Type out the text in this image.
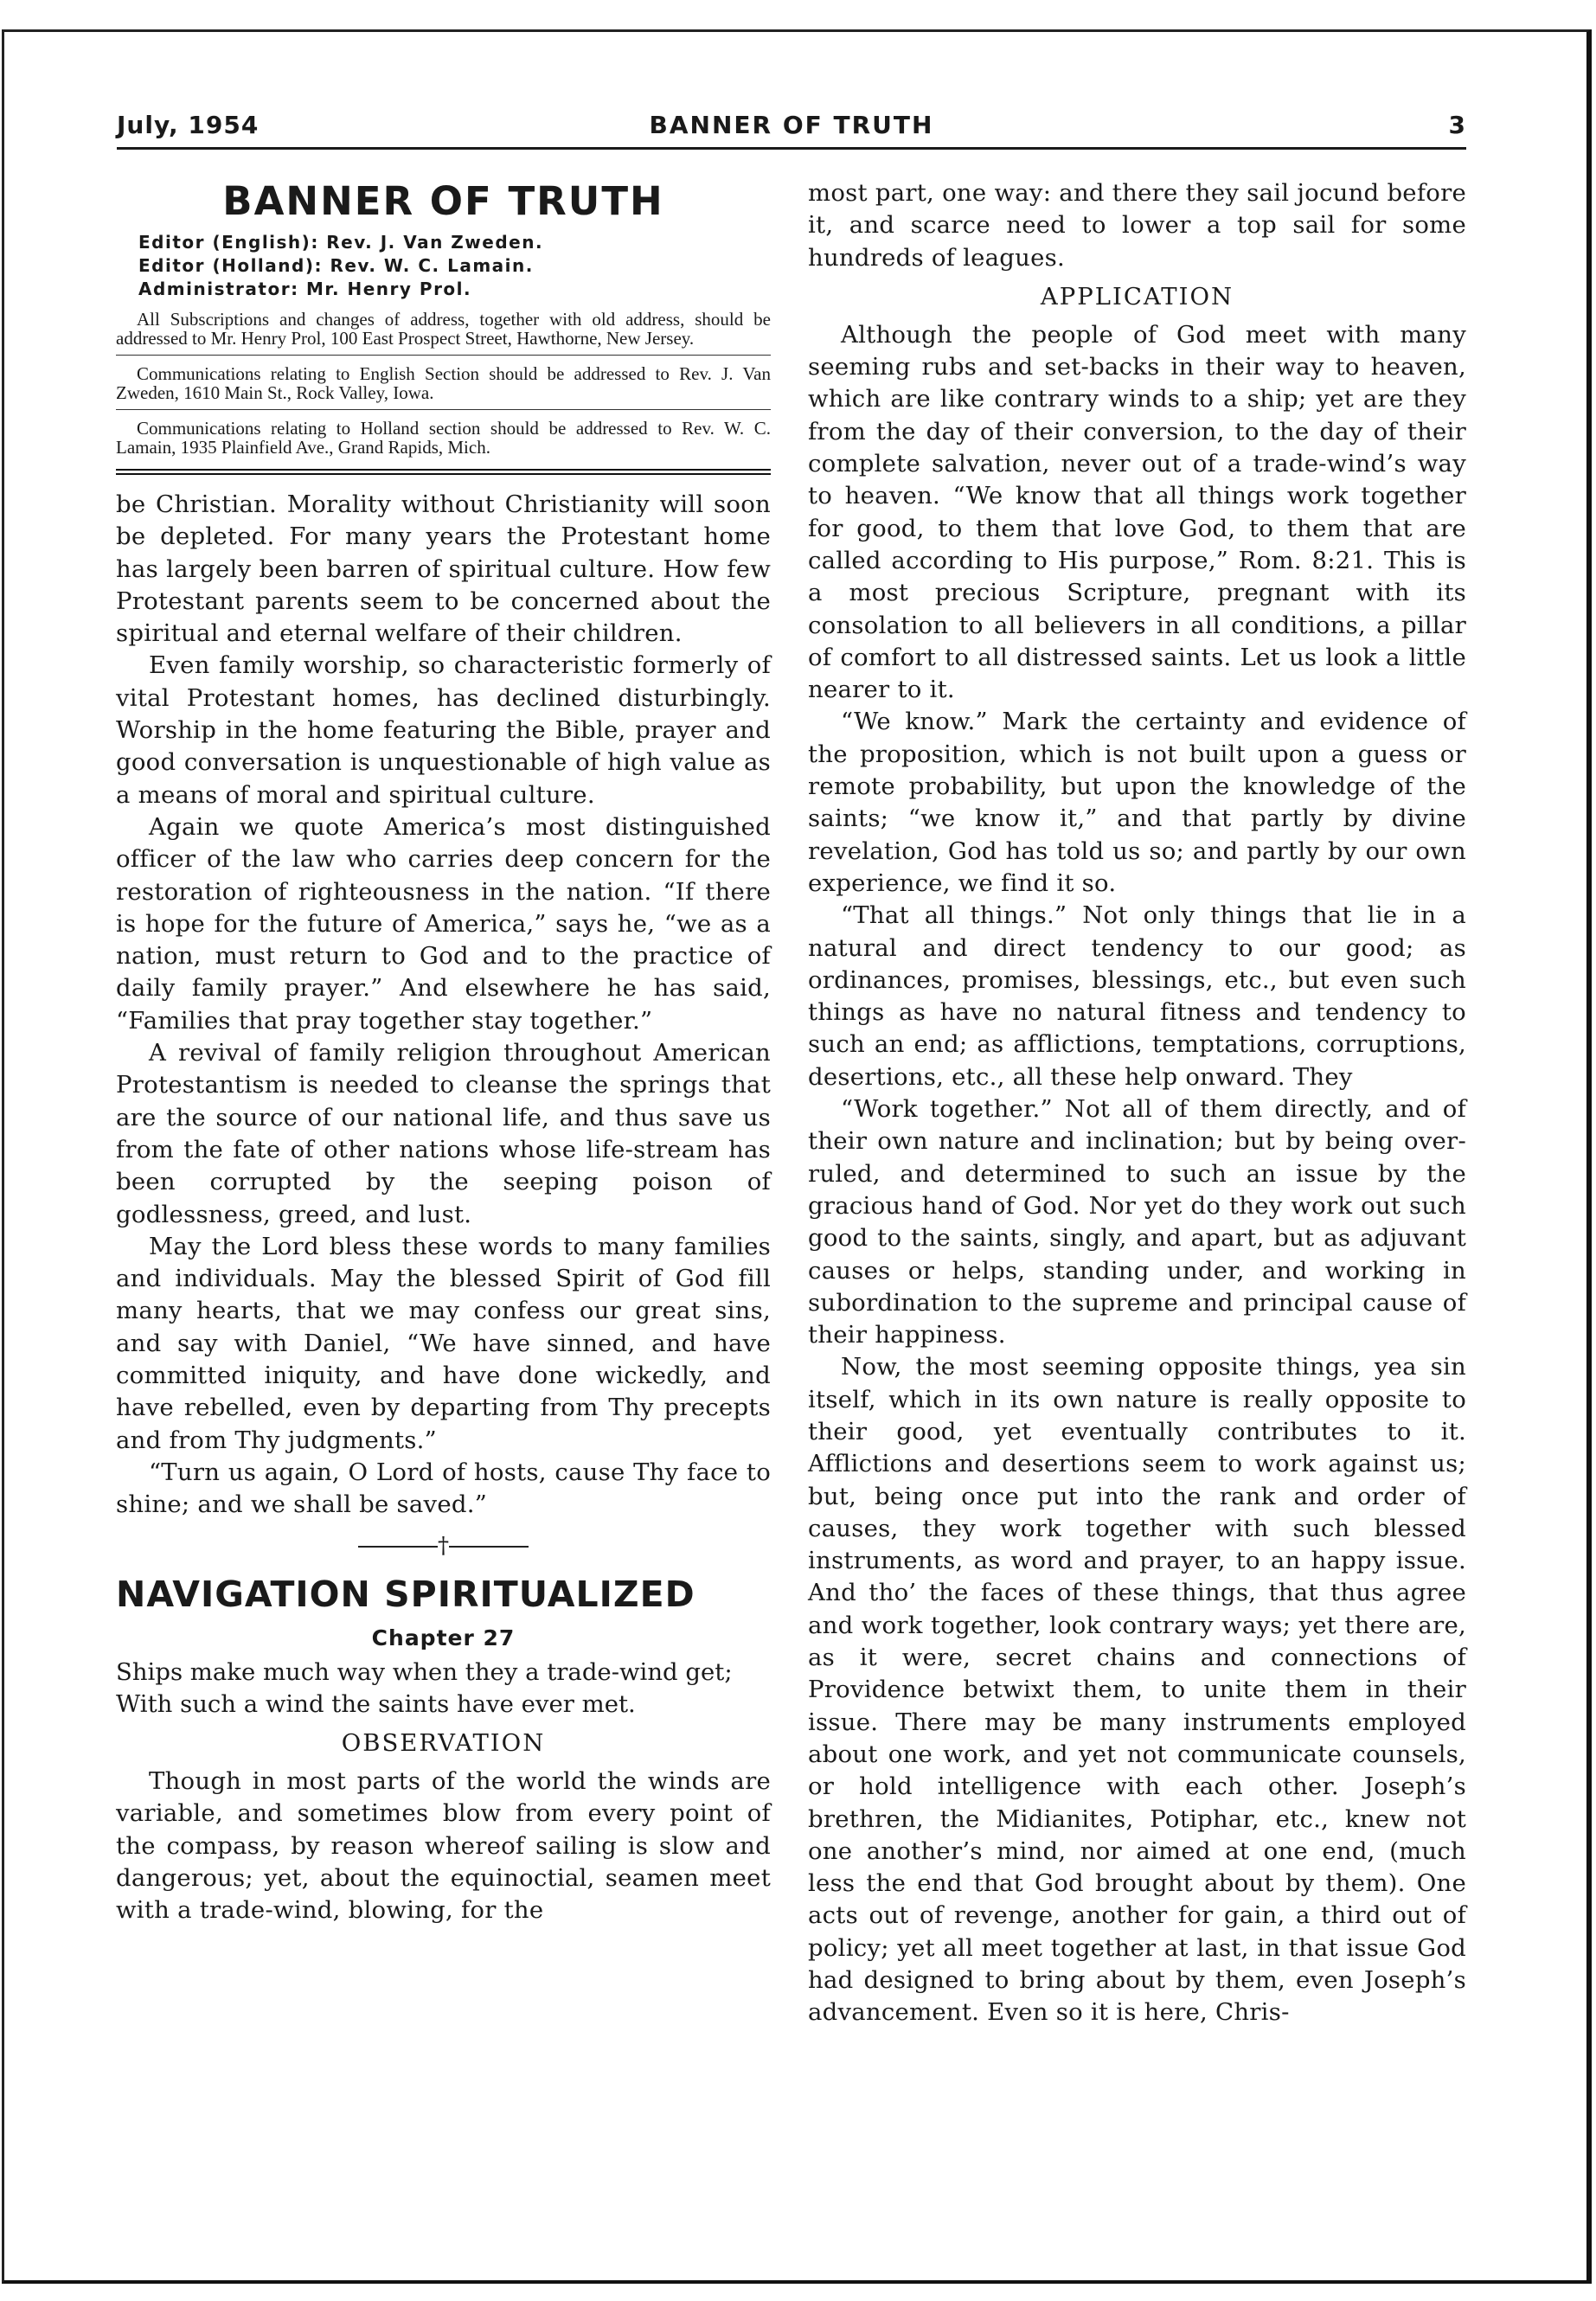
July, 1954	BANNER OF TRUTH	3
BANNER OF TRUTH
Editor (English): Rev. J. Van Zweden.
Editor (Holland): Rev. W. C. Lamain.
Administrator: Mr. Henry Prol.
All Subscriptions and changes of address, together with old address, should be addressed to Mr. Henry Prol, 100 East Prospect Street, Hawthorne, New Jersey.
Communications relating to English Section should be addressed to Rev. J. Van Zweden, 1610 Main St., Rock Valley, Iowa.
Communications relating to Holland section should be addressed to Rev. W. C. Lamain, 1935 Plainfield Ave., Grand Rapids, Mich.

be Christian. Morality without Christianity will soon be depleted. For many years the Protestant home has largely been barren of spiritual culture. How few Protestant parents seem to be concerned about the spiritual and eternal welfare of their children.

Even family worship, so characteristic formerly of vital Protestant homes, has declined disturbingly. Worship in the home featuring the Bible, prayer and good conversation is unquestionable of high value as a means of moral and spiritual culture.

Again we quote America’s most distinguished officer of the law who carries deep concern for the restoration of righteousness in the nation. “If there is hope for the future of America,” says he, “we as a nation, must return to God and to the practice of daily family prayer.” And elsewhere he has said, “Families that pray together stay together.”

A revival of family religion throughout American Protestantism is needed to cleanse the springs that are the source of our national life, and thus save us from the fate of other nations whose life-stream has been corrupted by the seeping poison of godlessness, greed, and lust.

May the Lord bless these words to many families and individuals. May the blessed Spirit of God fill many hearts, that we may confess our great sins, and say with Daniel, “We have sinned, and have committed iniquity, and have done wickedly, and have rebelled, even by departing from Thy precepts and from Thy judgments.”

“Turn us again, O Lord of hosts, cause Thy face to shine; and we shall be saved.”

†
NAVIGATION SPIRITUALIZED
Chapter 27

Ships make much way when they a trade-wind get;

With such a wind the saints have ever met.

OBSERVATION

Though in most parts of the world the winds are variable, and sometimes blow from every point of the compass, by reason whereof sailing is slow and dangerous; yet, about the equinoctial, seamen meet with a trade-wind, blowing, for the

most part, one way: and there they sail jocund before it, and scarce need to lower a top sail for some hundreds of leagues.

APPLICATION

Although the people of God meet with many seeming rubs and set-backs in their way to heaven, which are like contrary winds to a ship; yet are they from the day of their conversion, to the day of their complete salvation, never out of a trade-wind’s way to heaven. “We know that all things work together for good, to them that love God, to them that are called according to His purpose,” Rom. 8:21. This is a most precious Scripture, pregnant with its consolation to all believers in all conditions, a pillar of comfort to all distressed saints. Let us look a little nearer to it.

“We know.” Mark the certainty and evidence of the proposition, which is not built upon a guess or remote probability, but upon the knowledge of the saints; “we know it,” and that partly by divine revelation, God has told us so; and partly by our own experience, we find it so.

“That all things.” Not only things that lie in a natural and direct tendency to our good; as ordinances, promises, blessings, etc., but even such things as have no natural fitness and tendency to such an end; as afflictions, temptations, corruptions, desertions, etc., all these help onward. They

“Work together.” Not all of them directly, and of their own nature and inclination; but by being over-ruled, and determined to such an issue by the gracious hand of God. Nor yet do they work out such good to the saints, singly, and apart, but as adjuvant causes or helps, standing under, and working in subordination to the supreme and principal cause of their happiness.

Now, the most seeming opposite things, yea sin itself, which in its own nature is really opposite to their good, yet eventually contributes to it. Afflictions and desertions seem to work against us; but, being once put into the rank and order of causes, they work together with such blessed instruments, as word and prayer, to an happy issue. And tho’ the faces of these things, that thus agree and work together, look contrary ways; yet there are, as it were, secret chains and connections of Providence betwixt them, to unite them in their issue. There may be many instruments employed about one work, and yet not communicate counsels, or hold intelligence with each other. Joseph’s brethren, the Midianites, Potiphar, etc., knew not one another’s mind, nor aimed at one end, (much less the end that God brought about by them). One acts out of revenge, another for gain, a third out of policy; yet all meet together at last, in that issue God had designed to bring about by them, even Joseph’s advancement. Even so it is here, Chris-
